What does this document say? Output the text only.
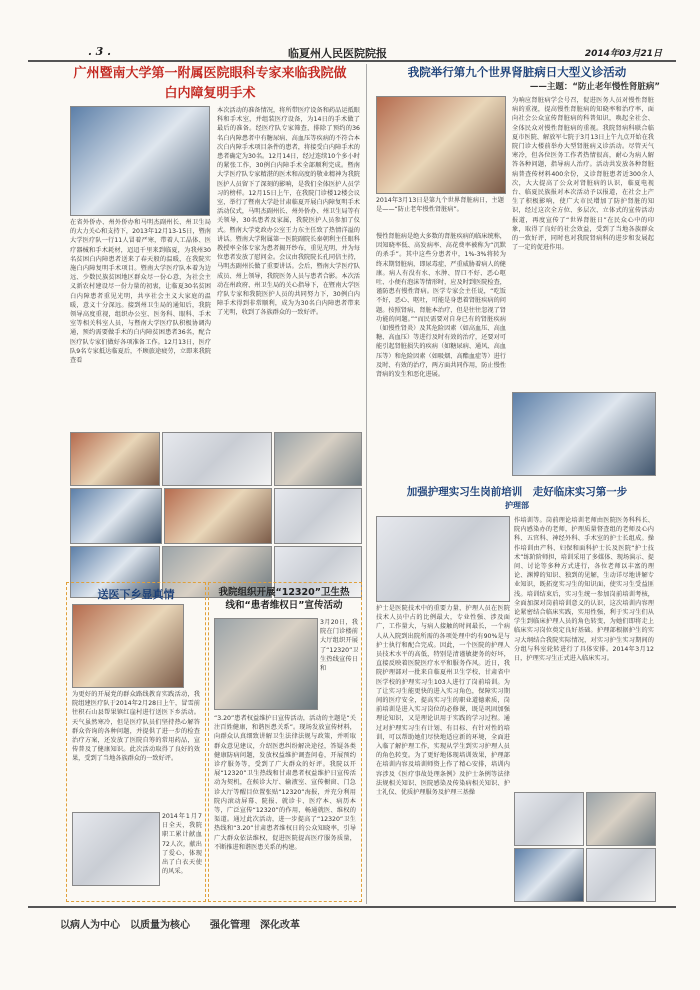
. 3 .	临夏州人民医院院报	2014年03月21日
广州暨南大学第一附属医院眼科专家来临我院做白内障复明手术
在省外侨办、州外侨办和马明杰副州长、州卫生局的大力关心和支持下，2013年12月13-15日，暨南大学医疗队一行11人冒着严寒，带着人工晶体、医疗器械和手术耗材，迢迢千里来到临夏，为我州30名贫困白内障患者送来了春天般的温暖，在我院实施白内障复明手术项目。暨南大学医疗队本着为边远、少数民族贫困地区群众尽一份心意，为社会主义新农村建设尽一份力量的初衷，让临夏30名贫困白内障患者重见光明，共享社会主义大家庭的温暖，意义十分深远。接到州卫生局的通知后，我院领导高度重视，组织办公室、医务科、眼科、手术室等相关科室人员，与暨南大学医疗队积极协调沟通，预约需要做手术的白内障贫困患者36名，配合医疗队专家们做好各项准备工作。12月13日，医疗队9名专家抵达临夏后，不顾旅途疲劳，立即来我院查看
本次活动的准备情况，将所带医疗设备和药品运抵眼科和手术室，并组装医疗设备，为14日的手术做了最后的准备。经医疗队专家筛查，排除了预约的36名白内障患者中有糖尿病、高血压等疾病的不符合本次白内障手术项目条件的患者，将接受白内障手术的患者确定为30名。12月14日，经过连续10个多小时的紧张工作，30例白内障手术全部顺利完成。暨南大学医疗队专家精湛的医术和高度的敬业精神为我院医护人员留下了深刻的影响，是我们全体医护人员学习的榜样。12月15日上午，在我院门诊楼12楼会议室，举行了暨南大学赴甘肃临夏开展白内障复明手术活动仪式，马明杰副州长、州外侨办、州卫生局等有关领导，30名患者及家属，我院医护人员参加了仪式。暨南大学党政办公室王力东主任致了热情洋溢的讲话。暨南大学附属第一医院副院长秦朝利主任眼科教授率全体专家为患者揭开纱布，重见光明，并为每位患者发放了慰问金。会议由我院院长孔同信主持，马明杰副州长做了重要讲话。会后，暨南大学医疗队成员、州上领导，我院医务人员与患者合影。本次活动在州政府、州卫生局的关心指导下，在暨南大学医疗队专家和我院医护人员的共同努力下，30例白内障手术得到非常顺利，成为为30名白内障患者带来了光明，收到了各族群众的一致好评。
送医下乡显真情
为更好的开展党的群众路线教育实践活动，我院组建医疗队于2014年2月28日上午，冒雪前往积石山县帮果镇红崖村进行送医下乡活动。天气虽然寒冷，但是医疗队员们坚持热心解答群众咨询的各种问题，并提供了进一步的检查治疗方案，还发放了医院自筹的常用药品，宣传普及了健康知识。此次活动取得了良好的效果，受到了当地各族群众的一致好评。
2014年1月7日全天，我院职工累计献血72人次，献出了爱心，体现出了白衣天使的风采。
我院组织开展“12320”卫生热线和“患者维权日”宣传活动
3月20日，我院在门诊楼前大厅组织开展了“12320”卫生热线宣传日和
“3.20”患者权益维护日宣传活动，活动的主题是“关注百姓健康，和谐医患关系”。现场发放宣传材料，向群众认真细致讲解卫生法律法规与政策，并听取群众意见建议，介绍医患纠纷解决途径，答疑各类健康防病问题，发放权益维护调查问卷，开展预约诊疗服务等，受到了广大群众的好评。我院以开展“12320”卫生热线和甘肃患者权益维护日宣传活动为契机，在候诊大厅、输液室、宣传橱窗、门急诊大厅等醒目位置张贴“12320”海报，并充分利用院内滚动屏幕、院报、就诊卡、医疗本、病历本等，广泛宣传“12320”的作用，畅通就医、维权的渠道。通过此次活动，进一步提高了“12320”卫生热线和“3.20”甘肃患者维权日的公众知晓率，引导广大群众依法维权，促进医院提高医疗服务质量，不断推进和谐医患关系的构建。
我院举行第九个世界肾脏病日大型义诊活动
——主题：“防止老年慢性肾脏病”
2014年3月13日是第九个世界肾脏病日，主题是——“防止老年慢性肾脏病”。
慢性肾脏病是绝大多数的肾脏疾病的临床统称，因知晓率低、高发病率、高花费率被称为“沉默的杀手”。其中这些分患者中，1%-3%将转为终末期肾脏病，即尿毒症，严重威胁着病人的健康。病人有没有水、水肿、胃口不好、恶心呕吐、小便有泡沫等情形时，应及时到医院检查，谨防患有慢性肾病。医学专家会主任说，“吃饭不好，恶心、呕吐，可能是身患着肾脏疾病的问题。按照肾病、肾脏本治疗，但是往往忽视了肾功能的问题。”“而民需要对自身已有的肾脏疾病（如慢性肾炎）及其危险因素（如高血压、高血糖、高血压）等进行及时有效的治疗，还要对可能引起肾脏损失的疾病（如糖尿病、通风、高血压等）和危险因素（如吸烟、高酯血症等）进行及时、有效的治疗，两方面共同作用，防止慢性肾病的发生和恶化进展。
为响应肾脏病学会号召，促进医务人员对慢性肾脏病的重视，提高慢性肾脏病的知晓率和治疗率，面向社会公众宣传肾脏病的科普知识，唤起全社会、全体民众对慢性肾脏病的重视。我院肾病科联合临夏市医院、解放军七院于3月13日上午九点开始在我院门诊大楼前举办大型肾脏病义诊活动。尽管天气寒冷，但各位医务工作者热情很高，耐心为病人解答各种问题，指导病人治疗。活动共发放各种肾脏病普查传材料400余份，义诊肾脏患者近300余人次，大大提高了公众对肾脏病的认识，临夏电视台、临夏民族报对本次活动予以报道，在社会上产生了积极影响，使广大市民增加了防护肾脏的知识，经过这次全方位、多层次、立体式的宣传活动报道，再度宣传了“世界肾脏日”在民众心中的印象，取得了良好的社会效益，受到了当地各族群众的一致好评，同时也对我院肾病科的进步和发展起了一定的促进作用。
加强护理实习生岗前培训　走好临床实习第一步
护理部
护士是医院技术中的重要力量，护理人员在医院技术人员中占的比例最大，专业性强、涉及面广，工作量大，与病人接触的时间最长，一个病人从入院到出院所需的各项处理中约有90%是与护士执行和配合完成。因此，一个医院的护理人员技术水平的高低，特别是清谨敏捷务的好坏，直接反映着医院医疗水平和服务作风。近日，我院护理部对一批来自临夏州卫生学校、甘肃省中医学校的护理实习生103人进行了岗前培训。为了让实习生能更快的进入实习角色，保障实习期间的医疗安全，提高实习生的职业道德素质，岗前培训是进入实习岗位的必修课，既是巩固加强理论知识，又是理论识用于实践的学习过程。通过对护理实习生有计划、有目标、有针对性的培训，可以帮助她们尽快地适应新的环境，全面进入临了解护理工作，实现从学生到实习护理人员的角色转变。为了更好地体现培训效果，护理部在培训内容及培训师资上作了精心安排，培训内容涉及《医疗事故处理条例》及护士条例等法律法规相关知识、医院感染及传染病相关知识、护士礼仪、优质护理服务及护理三基操
作培训等。岗前理论培训老师由医院医务科科长、院内感染办的老师，护理质量督查组的老师及心内科、五官科、神经外科、手术室的护士长组成。操作培训由产科、妇保和面科护士长及医院“护士技术”练阶阶师担，培训采用了多媒体、现场演示、提问、讨论等多种方式进行，各位老师以丰富的理论、渊博的知识、独到的见解，生动详尽地讲解专业知识，既拓宽实习生的知识面，使实习生受益匪浅。培训结束后，实习生统一参加岗前培训考核，全面加深对岗前培训意义的认识，这次培训内容理论紧密结合临床实践，实用性强，利于实习生们从学生到临床护理人员的角色转变，为她们即将走上临床实习岗位奠定良好基础。护理部根据护生的实习大纲结合我院实际情况，对实习护生实习期间的分组与科室轮转进行了具体安排。2014年3月12日，护理实习生正式进入临床实习。
以病人为中心　以质量为核心　　强化管理　深化改革
